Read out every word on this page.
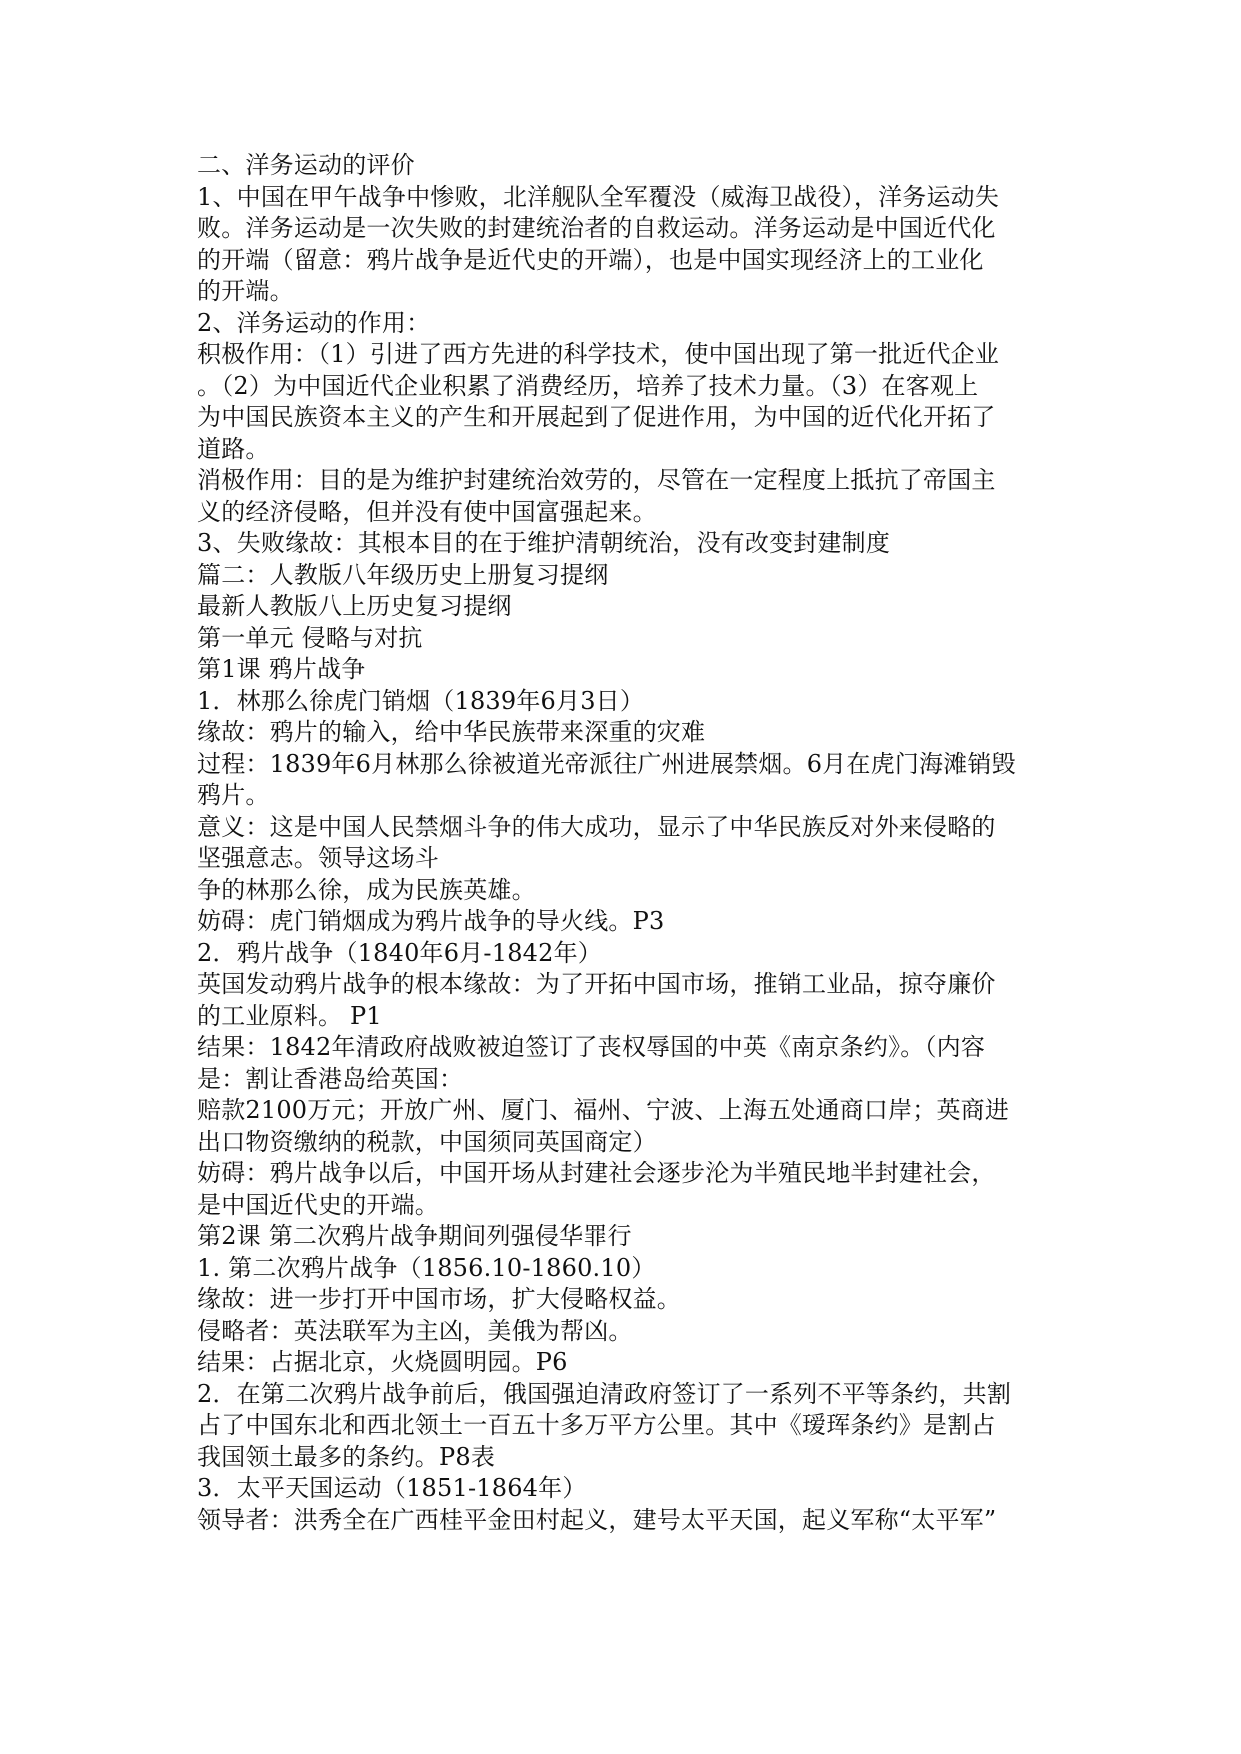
二、洋务运动的评价
1、中国在甲午战争中惨败，北洋舰队全军覆没（威海卫战役），洋务运动失
败。洋务运动是一次失败的封建统治者的自救运动。洋务运动是中国近代化
的开端（留意：鸦片战争是近代史的开端），也是中国实现经济上的工业化
的开端。
2、洋务运动的作用：
积极作用：（1）引进了西方先进的科学技术，使中国出现了第一批近代企业
。（2）为中国近代企业积累了消费经历，培养了技术力量。（3）在客观上
为中国民族资本主义的产生和开展起到了促进作用，为中国的近代化开拓了
道路。
消极作用：目的是为维护封建统治效劳的，尽管在一定程度上抵抗了帝国主
义的经济侵略，但并没有使中国富强起来。
3、失败缘故：其根本目的在于维护清朝统治，没有改变封建制度
篇二：人教版八年级历史上册复习提纲
最新人教版八上历史复习提纲
第一单元 侵略与对抗
第1课 鸦片战争
1．林那么徐虎门销烟（1839年6月3日）
缘故：鸦片的输入，给中华民族带来深重的灾难
过程：1839年6月林那么徐被道光帝派往广州进展禁烟。6月在虎门海滩销毁
鸦片。
意义：这是中国人民禁烟斗争的伟大成功，显示了中华民族反对外来侵略的
坚强意志。领导这场斗
争的林那么徐，成为民族英雄。
妨碍：虎门销烟成为鸦片战争的导火线。P3
2．鸦片战争（1840年6月-1842年）
英国发动鸦片战争的根本缘故：为了开拓中国市场，推销工业品，掠夺廉价
的工业原料。 P1
结果：1842年清政府战败被迫签订了丧权辱国的中英《南京条约》。（内容
是：割让香港岛给英国：
赔款2100万元；开放广州、厦门、福州、宁波、上海五处通商口岸；英商进
出口物资缴纳的税款，中国须同英国商定）
妨碍：鸦片战争以后，中国开场从封建社会逐步沦为半殖民地半封建社会，
是中国近代史的开端。
第2课 第二次鸦片战争期间列强侵华罪行
1. 第二次鸦片战争（1856.10-1860.10）
缘故：进一步打开中国市场，扩大侵略权益。
侵略者：英法联军为主凶，美俄为帮凶。
结果：占据北京，火烧圆明园。P6
2．在第二次鸦片战争前后，俄国强迫清政府签订了一系列不平等条约，共割
占了中国东北和西北领土一百五十多万平方公里。其中《瑷珲条约》是割占
我国领土最多的条约。P8表
3．太平天国运动（1851-1864年）
领导者：洪秀全在广西桂平金田村起义，建号太平天国，起义军称“太平军”
